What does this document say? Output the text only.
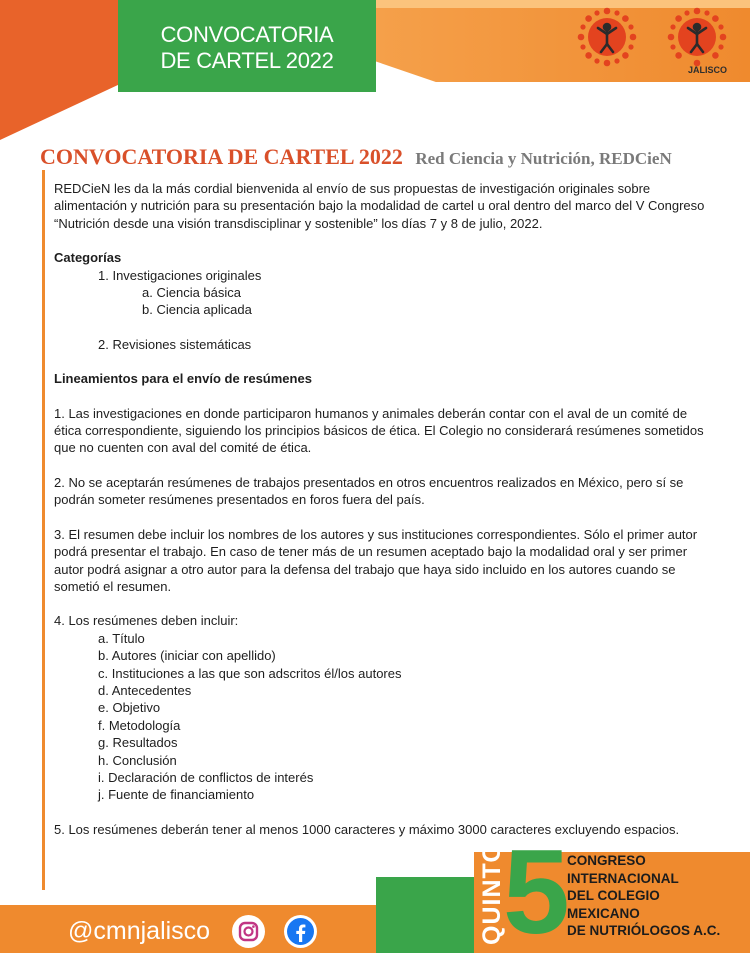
CONVOCATORIA
DE CARTEL 2022	JALISCO
CONVOCATORIA DE CARTEL 2022 Red Ciencia y Nutrición, REDCieN

REDCieN les da la más cordial bienvenida al envío de sus propuestas de investigación originales sobre alimentación y nutrición para su presentación bajo la modalidad de cartel u oral dentro del marco del V Congreso “Nutrición desde una visión transdisciplinar y sostenible” los días 7 y 8 de julio, 2022.

Categorías

1. Investigaciones originales

a. Ciencia básica

b. Ciencia aplicada

2. Revisiones sistemáticas

Lineamientos para el envío de resúmenes

1. Las investigaciones en donde participaron humanos y animales deberán contar con el aval de un comité de ética correspondiente, siguiendo los principios básicos de ética. El Colegio no considerará resúmenes sometidos que no cuenten con aval del comité de ética.

2. No se aceptarán resúmenes de trabajos presentados en otros encuentros realizados en México, pero sí se podrán someter resúmenes presentados en foros fuera del país.

3. El resumen debe incluir los nombres de los autores y sus instituciones correspondientes. Sólo el primer autor podrá presentar el trabajo. En caso de tener más de un resumen aceptado bajo la modalidad oral y ser primer autor podrá asignar a otro autor para la defensa del trabajo que haya sido incluido en los autores cuando se sometió el resumen.

4. Los resúmenes deben incluir:

a. Título

b. Autores (iniciar con apellido)

c. Instituciones a las que son adscritos él/los autores

d. Antecedentes

e. Objetivo

f. Metodología

g. Resultados

h. Conclusión

i. Declaración de conflictos de interés

j. Fuente de financiamiento

5. Los resúmenes deberán tener al menos 1000 caracteres y máximo 3000 caracteres excluyendo espacios.

@cmnjalisco	QUINTO
5
CONGRESO
INTERNACIONAL
DEL COLEGIO
MEXICANO
DE NUTRIÓLOGOS A.C.
